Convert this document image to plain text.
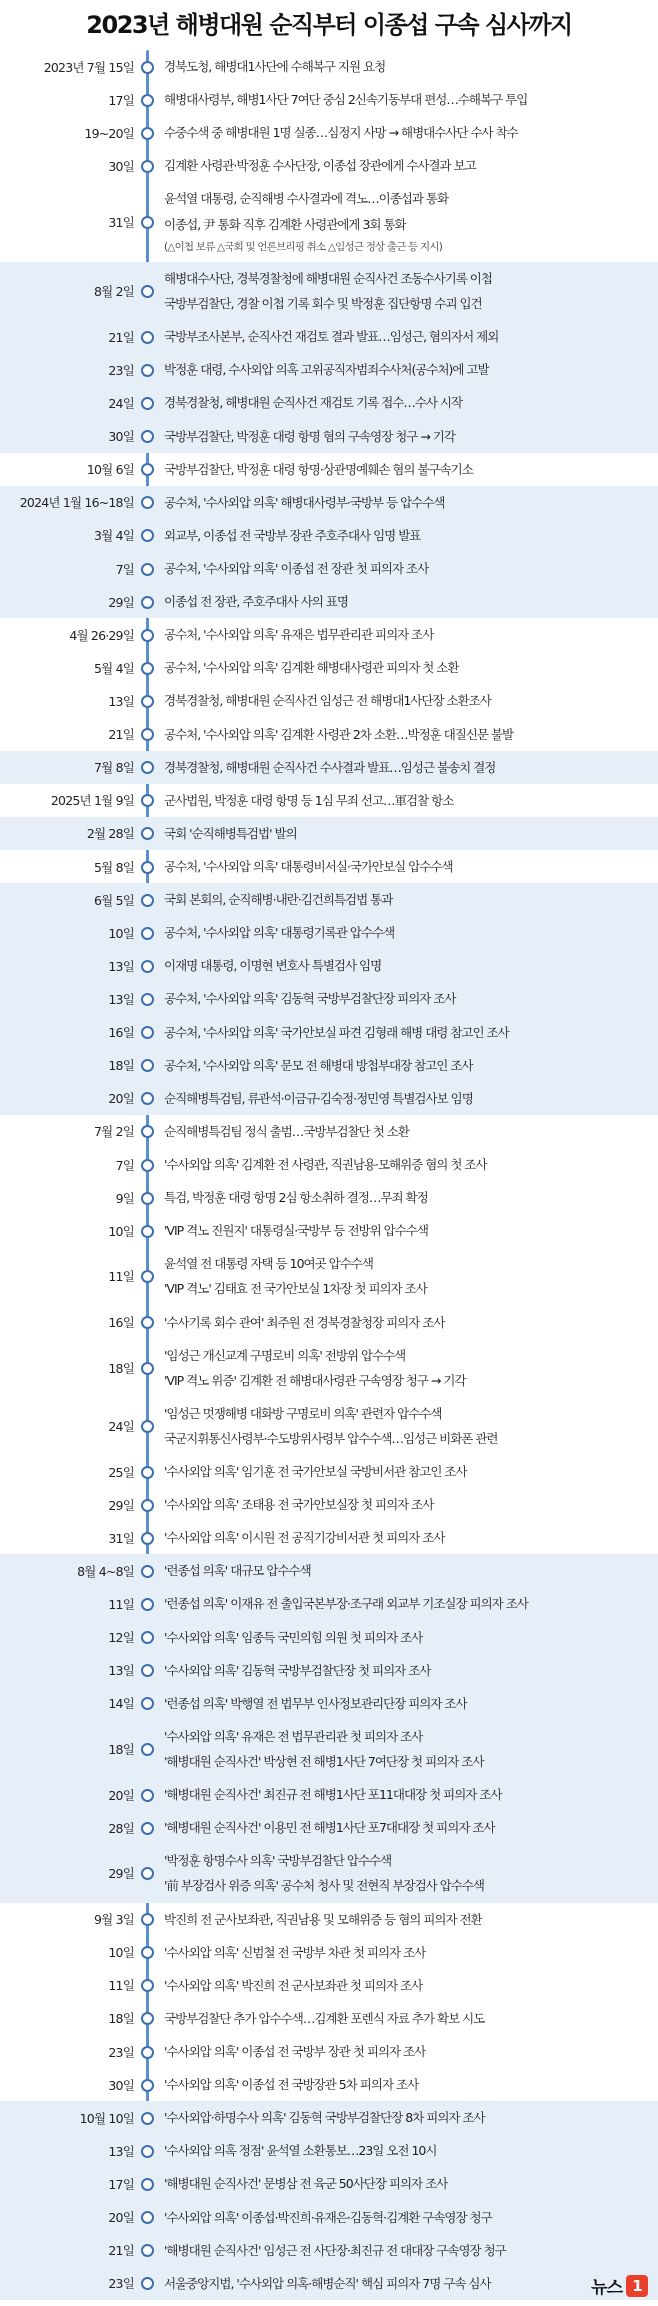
2023년 해병대원 순직부터 이종섭 구속 심사까지
2023년 7월 15일 경북도청, 해병대1사단에 수해복구 지원 요청
17일 해병대사령부, 해병1사단 7여단 중심 2신속기동부대 편성…수해복구 투입
19~20일 수중수색 중 해병대원 1명 실종…심정지 사망 → 해병대수사단 수사 착수
30일 김계환 사령관·박정훈 수사단장, 이종섭 장관에게 수사결과 보고
31일
윤석열 대통령, 순직해병 수사결과에 격노…이종섭과 통화
이종섭, 尹 통화 직후 김계환 사령관에게 3회 통화
(△이첩 보류 △국회 및 언론브리핑 취소 △임성근 정상 출근 등 지시)
8월 2일
해병대수사단, 경북경찰청에 해병대원 순직사건 조동수사기록 이첩
국방부검찰단, 경찰 이첩 기록 회수 및 박정훈 집단항명 수괴 입건
21일 국방부조사본부, 순직사건 재검토 결과 발표…임성근, 혐의자서 제외
23일 박정훈 대령, 수사외압 의혹 고위공직자범죄수사처(공수처)에 고발
24일 경북경찰청, 해병대원 순직사건 재검토 기록 접수…수사 시작
30일 국방부검찰단, 박정훈 대령 항명 혐의 구속영장 청구 → 기각
10월 6일 국방부검찰단, 박정훈 대령 항명·상관명예훼손 혐의 불구속기소
2024년 1월 16~18일 공수처, '수사외압 의혹' 해병대사령부·국방부 등 압수수색
3월 4일 외교부, 이종섭 전 국방부 장관 주호주대사 임명 발표
7일 공수처, '수사외압 의혹' 이종섭 전 장관 첫 피의자 조사
29일 이종섭 전 장관, 주호주대사 사의 표명
4월 26·29일 공수처, '수사외압 의혹' 유재은 법무관리관 피의자 조사
5월 4일 공수처, '수사외압 의혹' 김계환 해병대사령관 피의자 첫 소환
13일 경북경찰청, 해병대원 순직사건 임성근 전 해병대1사단장 소환조사
21일 공수처, '수사외압 의혹' 김계환 사령관 2차 소환…박정훈 대질신문 불발
7월 8일 경북경찰청, 해병대원 순직사건 수사결과 발표…임성근 불송치 결정
2025년 1월 9일 군사법원, 박정훈 대령 항명 등 1심 무죄 선고…軍검찰 항소
2월 28일 국회 '순직해병특검법' 발의
5월 8일 공수처, '수사외압 의혹' 대통령비서실·국가안보실 압수수색
6월 5일 국회 본회의, 순직해병·내란·김건희특검법 통과
10일 공수처, '수사외압 의혹' 대통령기록관 압수수색
13일 이재명 대통령, 이명현 변호사 특별검사 임명
13일 공수처, '수사외압 의혹' 김동혁 국방부검찰단장 피의자 조사
16일 공수처, '수사외압 의혹' 국가안보실 파견 김형래 해병 대령 참고인 조사
18일 공수처, '수사외압 의혹' 문모 전 해병대 방첩부대장 참고인 조사
20일 순직해병특검팀, 류관석·이금규·김숙정·정민영 특별검사보 임명
7월 2일 순직해병특검팀 정식 출범…국방부검찰단 첫 소환
7일 '수사외압 의혹' 김계환 전 사령관, 직권남용·모해위증 혐의 첫 조사
9일 특검, 박정훈 대령 항명 2심 항소취하 결정…무죄 확정
10일 'VIP 격노 진원지' 대통령실·국방부 등 전방위 압수수색
11일
윤석열 전 대통령 자택 등 10여곳 압수수색
'VIP 격노' 김태효 전 국가안보실 1차장 첫 피의자 조사
16일 '수사기록 회수 관여' 최주원 전 경북경찰청장 피의자 조사
18일
'임성근 개신교계 구명로비 의혹' 전방위 압수수색
'VIP 격노 위증' 김계환 전 해병대사령관 구속영장 청구 → 기각
24일
'임성근 멋쟁해병 대화방 구명로비 의혹' 관련자 압수수색
국군지휘통신사령부·수도방위사령부 압수수색…임성근 비화폰 관련
25일 '수사외압 의혹' 임기훈 전 국가안보실 국방비서관 참고인 조사
29일 '수사외압 의혹' 조태용 전 국가안보실장 첫 피의자 조사
31일 '수사외압 의혹' 이시원 전 공직기강비서관 첫 피의자 조사
8월 4~8일 '런종섭 의혹' 대규모 압수수색
11일 '런종섭 의혹' 이재유 전 출입국본부장·조구래 외교부 기조실장 피의자 조사
12일 '수사외압 의혹' 임종득 국민의힘 의원 첫 피의자 조사
13일 '수사외압 의혹' 김동혁 국방부검찰단장 첫 피의자 조사
14일 '런종섭 의혹' 박행열 전 법무부 인사정보관리단장 피의자 조사
18일
'수사외압 의혹' 유재은 전 법무관리관 첫 피의자 조사
'해병대원 순직사건' 박상현 전 해병1사단 7여단장 첫 피의자 조사
20일 '해병대원 순직사건' 최진규 전 해병1사단 포11대대장 첫 피의자 조사
28일 '해병대원 순직사건' 이용민 전 해병1사단 포7대대장 첫 피의자 조사
29일
'박정훈 항명수사 의혹' 국방부검찰단 압수수색
'前 부장검사 위증 의혹' 공수처 청사 및 전현직 부장검사 압수수색
9월 3일 박진희 전 군사보좌관, 직권남용 및 모해위증 등 혐의 피의자 전환
10일 '수사외압 의혹' 신범철 전 국방부 차관 첫 피의자 조사
11일 '수사외압 의혹' 박진희 전 군사보좌관 첫 피의자 조사
18일 국방부검찰단 추가 압수수색…김계환 포렌식 자료 추가 확보 시도
23일 '수사외압 의혹' 이종섭 전 국방부 장관 첫 피의자 조사
30일 '수사외압 의혹' 이종섭 전 국방장관 5차 피의자 조사
10월 10일 '수사외압·하명수사 의혹' 김동혁 국방부검찰단장 8차 피의자 조사
13일 '수사외압 의혹 정점' 윤석열 소환통보…23일 오전 10시
17일 '해병대원 순직사건' 문병삼 전 육군 50사단장 피의자 조사
20일 '수사외압 의혹' 이종섭·박진희·유재은·김동혁·김계환 구속영장 청구
21일 '해병대원 순직사건' 임성근 전 사단장·최진규 전 대대장 구속영장 청구
23일 서울중앙지법, '수사외압 의혹·해병순직' 핵심 피의자 7명 구속 심사	뉴스 1
